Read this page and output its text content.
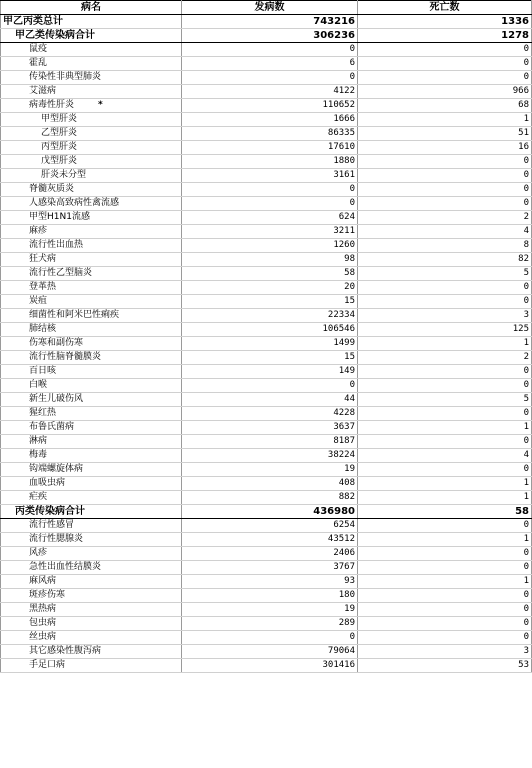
病名	发病数	死亡数
甲乙丙类总计	743216	1336
甲乙类传染病合计	306236	1278
鼠疫	0	0
霍乱	6	0
传染性非典型肺炎	0	0
艾滋病	4122	966
病毒性肝炎 *	110652	68
甲型肝炎	1666	1
乙型肝炎	86335	51
丙型肝炎	17610	16
戊型肝炎	1880	0
肝炎未分型	3161	0
脊髓灰质炎	0	0
人感染高致病性禽流感	0	0
甲型H1N1流感	624	2
麻疹	3211	4
流行性出血热	1260	8
狂犬病	98	82
流行性乙型脑炎	58	5
登革热	20	0
炭疽	15	0
细菌性和阿米巴性痢疾	22334	3
肺结核	106546	125
伤寒和副伤寒	1499	1
流行性脑脊髓膜炎	15	2
百日咳	149	0
白喉	0	0
新生儿破伤风	44	5
猩红热	4228	0
布鲁氏菌病	3637	1
淋病	8187	0
梅毒	38224	4
钩端螺旋体病	19	0
血吸虫病	408	1
疟疾	882	1
丙类传染病合计	436980	58
流行性感冒	6254	0
流行性腮腺炎	43512	1
风疹	2406	0
急性出血性结膜炎	3767	0
麻风病	93	1
斑疹伤寒	180	0
黑热病	19	0
包虫病	289	0
丝虫病	0	0
其它感染性腹泻病	79064	3
手足口病	301416	53
